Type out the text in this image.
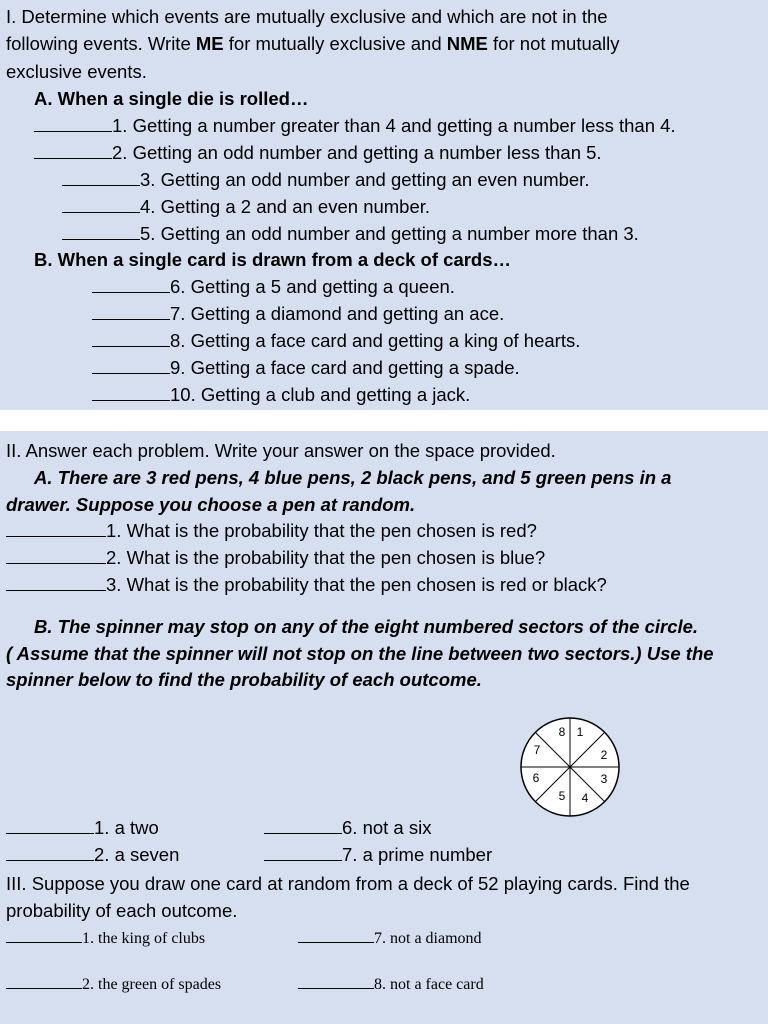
I. Determine which events are mutually exclusive and which are not in the
following events. Write ME for mutually exclusive and NME for not mutually
exclusive events.
A. When a single die is rolled…
1. Getting a number greater than 4 and getting a number less than 4.
2. Getting an odd number and getting a number less than 5.
3. Getting an odd number and getting an even number.
4. Getting a 2 and an even number.
5. Getting an odd number and getting a number more than 3.
B. When a single card is drawn from a deck of cards…
6. Getting a 5 and getting a queen.
7. Getting a diamond and getting an ace.
8. Getting a face card and getting a king of hearts.
9. Getting a face card and getting a spade.
10. Getting a club and getting a jack.
II. Answer each problem. Write your answer on the space provided.
A. There are 3 red pens, 4 blue pens, 2 black pens, and 5 green pens in a
drawer. Suppose you choose a pen at random.
1. What is the probability that the pen chosen is red?
2. What is the probability that the pen chosen is blue?
3. What is the probability that the pen chosen is red or black?
B. The spinner may stop on any of the eight numbered sectors of the circle.
( Assume that the spinner will not stop on the line between two sectors.) Use the
spinner below to find the probability of each outcome.
8 1
2
3
4
5
6
7
1. a two	6. not a six
2. a seven	7. a prime number
III. Suppose you draw one card at random from a deck of 52 playing cards. Find the
probability of each outcome.
1. the king of clubs	7. not a diamond
2. the green of spades	8. not a face card
